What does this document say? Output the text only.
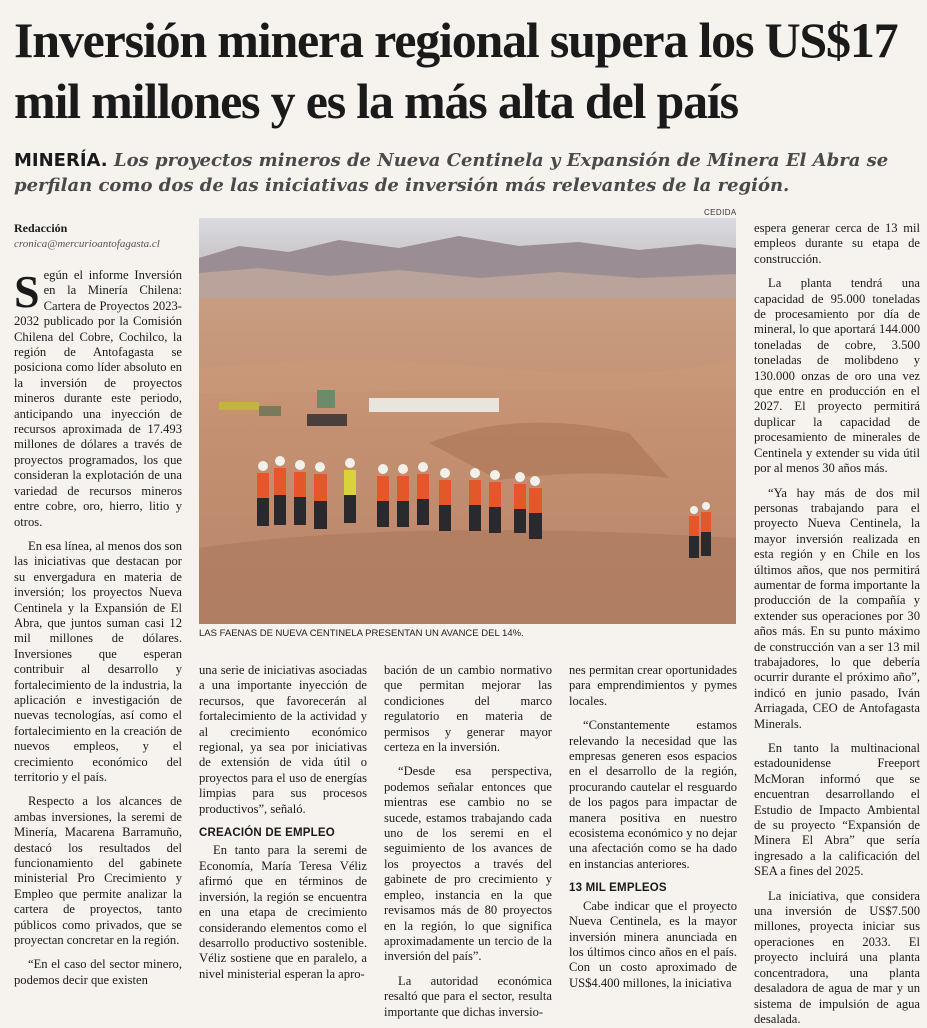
Inversión minera regional supera los US$17 mil millones y es la más alta del país
MINERÍA. Los proyectos mineros de Nueva Centinela y Expansión de Minera El Abra se perfilan como dos de las iniciativas de inversión más relevantes de la región.
Redacción
cronica@mercurioantofagasta.cl
CEDIDA
LAS FAENAS DE NUEVA CENTINELA PRESENTAN UN AVANCE DEL 14%.

Según el informe Inversión en la Minería Chilena: Cartera de Proyectos 2023-2032 publicado por la Comisión Chilena del Cobre, Cochilco, la región de Antofagasta se posiciona como líder absoluto en la inversión de proyectos mineros durante este periodo, anticipando una inyección de recursos aproximada de 17.493 millones de dólares a través de proyectos programados, los que consideran la explotación de una variedad de recursos mineros entre cobre, oro, hierro, litio y otros.

En esa línea, al menos dos son las iniciativas que destacan por su envergadura en materia de inversión; los proyectos Nueva Centinela y la Expansión de El Abra, que juntos suman casi 12 mil millones de dólares. Inversiones que esperan contribuir al desarrollo y fortalecimiento de la industria, la aplicación e investigación de nuevas tecnologías, así como el fortalecimiento en la creación de nuevos empleos, y el crecimiento económico del territorio y el país.

Respecto a los alcances de ambas inversiones, la seremi de Minería, Macarena Barramuño, destacó los resultados del funcionamiento del gabinete ministerial Pro Crecimiento y Empleo que permite analizar la cartera de proyectos, tanto públicos como privados, que se proyectan concretar en la región.

“En el caso del sector minero, podemos decir que existen

una serie de iniciativas asociadas a una importante inyección de recursos, que favorecerán al fortalecimiento de la actividad y al crecimiento económico regional, ya sea por iniciativas de extensión de vida útil o proyectos para el uso de energías limpias para sus procesos productivos”, señaló.

CREACIÓN DE EMPLEO

En tanto para la seremi de Economía, María Teresa Véliz afirmó que en términos de inversión, la región se encuentra en una etapa de crecimiento considerando elementos como el desarrollo productivo sostenible. Véliz sostiene que en paralelo, a nivel ministerial esperan la apro-

bación de un cambio normativo que permitan mejorar las condiciones del marco regulatorio en materia de permisos y generar mayor certeza en la inversión.

“Desde esa perspectiva, podemos señalar entonces que mientras ese cambio no se sucede, estamos trabajando cada uno de los seremi en el seguimiento de los avances de los proyectos a través del gabinete de pro crecimiento y empleo, instancia en la que revisamos más de 80 proyectos en la región, lo que significa aproximadamente un tercio de la inversión del país”.

La autoridad económica resaltó que para el sector, resulta importante que dichas inversio-

nes permitan crear oportunidades para emprendimientos y pymes locales.

“Constantemente estamos relevando la necesidad que las empresas generen esos espacios en el desarrollo de la región, procurando cautelar el resguardo de los pagos para impactar de manera positiva en nuestro ecosistema económico y no dejar una afectación como se ha dado en instancias anteriores.

13 MIL EMPLEOS

Cabe indicar que el proyecto Nueva Centinela, es la mayor inversión minera anunciada en los últimos cinco años en el país. Con un costo aproximado de US$4.400 millones, la iniciativa

espera generar cerca de 13 mil empleos durante su etapa de construcción.

La planta tendrá una capacidad de 95.000 toneladas de procesamiento por día de mineral, lo que aportará 144.000 toneladas de cobre, 3.500 toneladas de molibdeno y 130.000 onzas de oro una vez que entre en producción en el 2027. El proyecto permitirá duplicar la capacidad de procesamiento de minerales de Centinela y extender su vida útil por al menos 30 años más.

“Ya hay más de dos mil personas trabajando para el proyecto Nueva Centinela, la mayor inversión realizada en esta región y en Chile en los últimos años, que nos permitirá aumentar de forma importante la producción de la compañía y extender sus operaciones por 30 años más. En su punto máximo de construcción van a ser 13 mil trabajadores, lo que debería ocurrir durante el próximo año”, indicó en junio pasado, Iván Arriagada, CEO de Antofagasta Minerals.

En tanto la multinacional estadounidense Freeport McMoran informó que se encuentran desarrollando el Estudio de Impacto Ambiental de su proyecto “Expansión de Minera El Abra” que sería ingresado a la calificación del SEA a fines del 2025.

La iniciativa, que considera una inversión de US$7.500 millones, proyecta iniciar sus operaciones en 2033. El proyecto incluirá una planta concentradora, una planta desaladora de agua de mar y un sistema de impulsión de agua desalada.
